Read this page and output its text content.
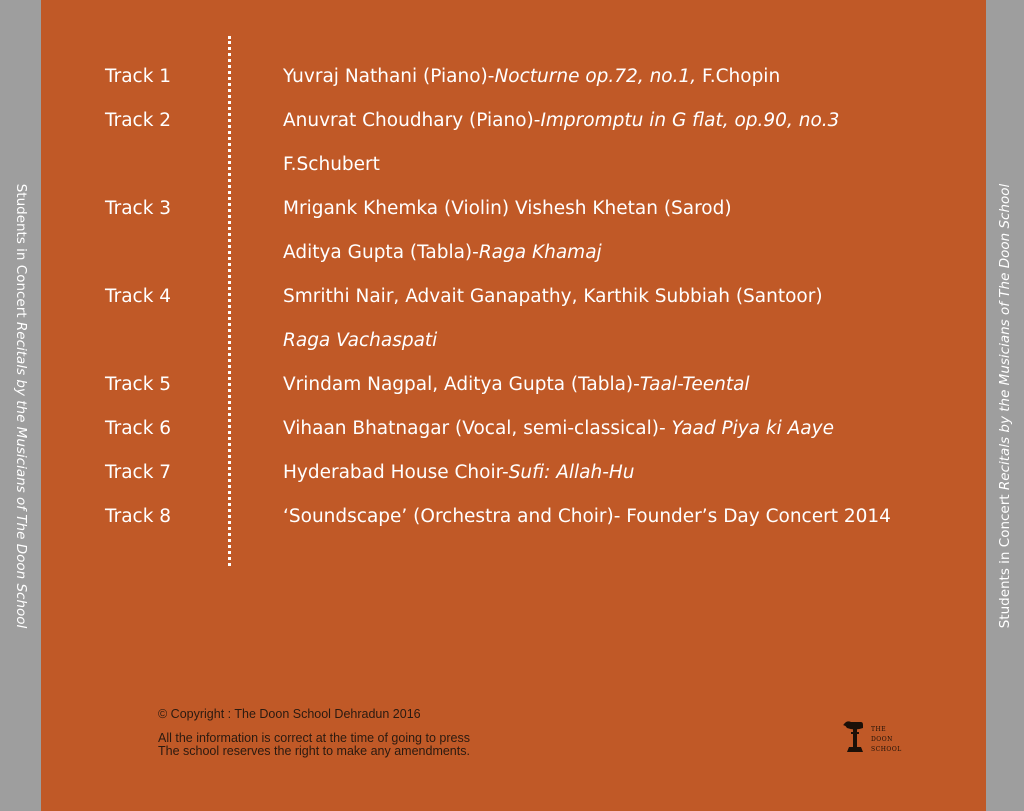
Students in Concert Recitals by the Musicians of The Doon School
Track 1	Yuvraj Nathani (Piano)-Nocturne op.72, no.1, F.Chopin
Track 2	Anuvrat Choudhary (Piano)-Impromptu in G flat, op.90, no.3
F.Schubert
Track 3	Mrigank Khemka (Violin) Vishesh Khetan (Sarod)
Aditya Gupta (Tabla)-Raga Khamaj
Track 4	Smrithi Nair, Advait Ganapathy, Karthik Subbiah (Santoor)
Raga Vachaspati
Track 5	Vrindam Nagpal, Aditya Gupta (Tabla)-Taal-Teental
Track 6	Vihaan Bhatnagar (Vocal, semi-classical)- Yaad Piya ki Aaye
Track 7	Hyderabad House Choir-Sufi: Allah-Hu
Track 8	‘Soundscape’ (Orchestra and Choir)- Founder’s Day Concert 2014
© Copyright : The Doon School Dehradun 2016
All the information is correct at the time of going to press
The school reserves the right to make any amendments.
THE
DOON
SCHOOL
Students in Concert Recitals by the Musicians of The Doon School
